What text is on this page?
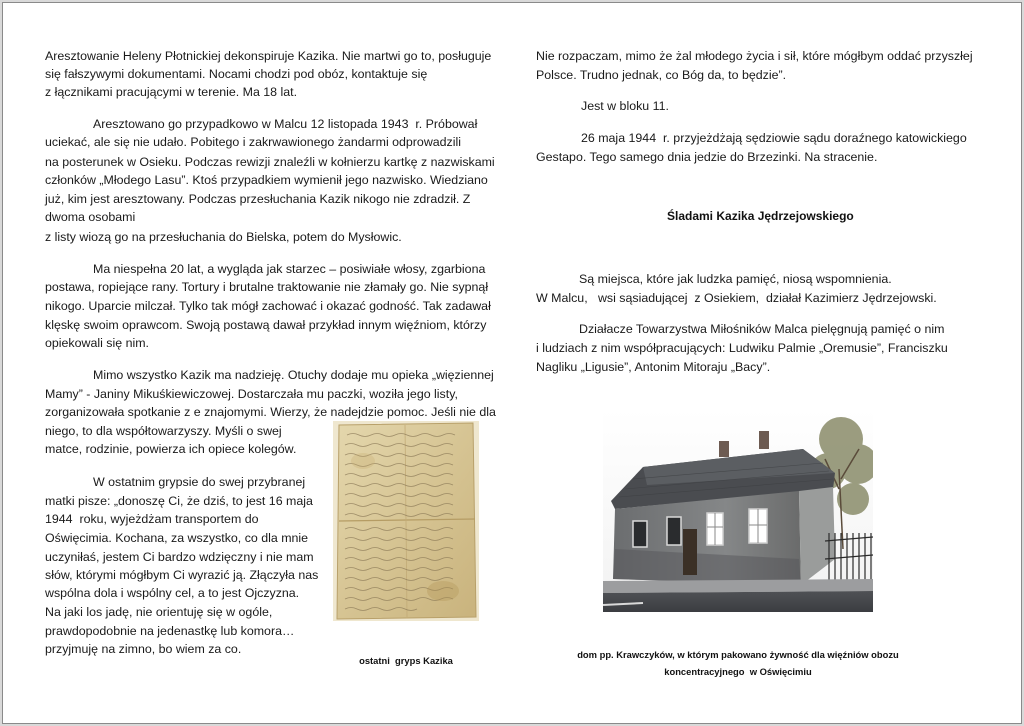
Aresztowanie Heleny Płotnickiej dekonspiruje Kazika. Nie martwi go to, posługuje

się fałszywymi dokumentami. Nocami chodzi pod obóz, kontaktuje się

z łącznikami pracującymi w terenie. Ma 18 lat.

Aresztowano go przypadkowo w Malcu 12 listopada 1943  r. Próbował

uciekać, ale się nie udało. Pobitego i zakrwawionego żandarmi odprowadzili

na posterunek w Osieku. Podczas rewizji znaleźli w kołnierzu kartkę z nazwiskami

członków „Młodego Lasu”. Ktoś przypadkiem wymienił jego nazwisko. Wiedziano

już, kim jest aresztowany. Podczas przesłuchania Kazik nikogo nie zdradził. Z

dwoma osobami

z listy wiozą go na przesłuchania do Bielska, potem do Mysłowic.

Ma niespełna 20 lat, a wygląda jak starzec – posiwiałe włosy, zgarbiona

postawa, ropiejące rany. Tortury i brutalne traktowanie nie złamały go. Nie sypnął

nikogo. Uparcie milczał. Tylko tak mógł zachować i okazać godność. Tak zadawał

klęskę swoim oprawcom. Swoją postawą dawał przykład innym więźniom, którzy

opiekowali się nim.

Mimo wszystko Kazik ma nadzieję. Otuchy dodaje mu opieka „więziennej

Mamy” - Janiny Mikuśkiewiczowej. Dostarczała mu paczki, woziła jego listy,

zorganizowała spotkanie z e znajomymi. Wierzy, że nadejdzie pomoc. Jeśli nie dla

niego, to dla współtowarzyszy. Myśli o swej

matce, rodzinie, powierza ich opiece kolegów.

W ostatnim grypsie do swej przybranej

matki pisze: „donoszę Ci, że dziś, to jest 16 maja

1944  roku, wyjeżdżam transportem do

Oświęcimia. Kochana, za wszystko, co dla mnie

uczyniłaś, jestem Ci bardzo wdzięczny i nie mam

słów, którymi mógłbym Ci wyrazić ją. Złączyła nas

wspólna dola i wspólny cel, a to jest Ojczyzna.

Na jaki los jadę, nie orientuję się w ogóle,

prawdopodobnie na jedenastkę lub komora…

przyjmuję na zimno, bo wiem za co.

ostatni  gryps Kazika

Nie rozpaczam, mimo że żal młodego życia i sił, które mógłbym oddać przyszłej

Polsce. Trudno jednak, co Bóg da, to będzie”.

Jest w bloku 11.

26 maja 1944  r. przyjeżdżają sędziowie sądu doraźnego katowickiego

Gestapo. Tego samego dnia jedzie do Brzezinki. Na stracenie.

Śladami Kazika Jędrzejowskiego

Są miejsca, które jak ludzka pamięć, niosą wspomnienia.

W Malcu,   wsi sąsiadującej  z Osiekiem,  działał Kazimierz Jędrzejowski.

Działacze Towarzystwa Miłośników Malca pielęgnują pamięć o nim

i ludziach z nim współpracujących: Ludwiku Palmie „Oremusie”, Franciszku

Nagliku „Ligusie”, Antonim Mitoraju „Bacy”.

dom pp. Krawczyków, w którym pakowano żywność dla więźniów obozu

koncentracyjnego  w Oświęcimiu
